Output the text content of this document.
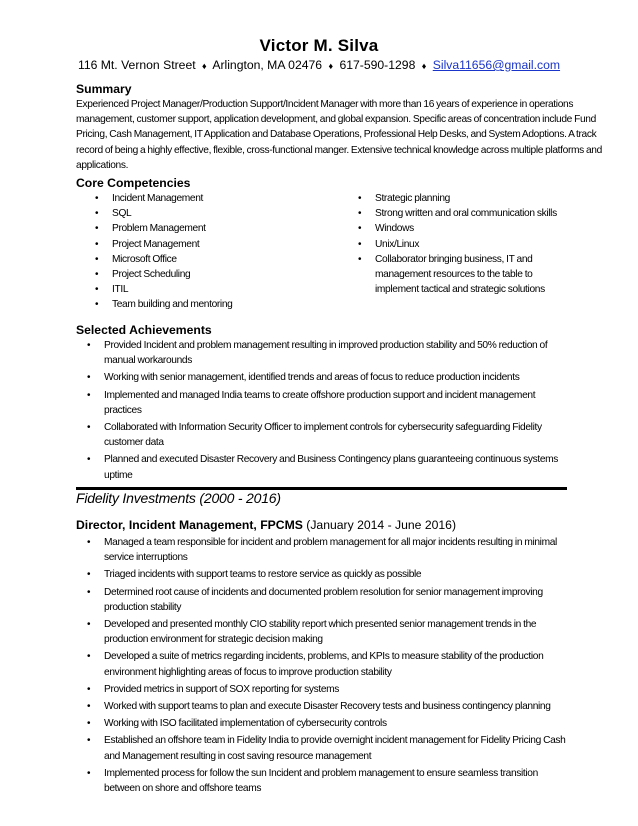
Victor M. Silva
116 Mt. Vernon Street ♦ Arlington, MA 02476 ♦ 617-590-1298 ♦ Silva11656@gmail.com
Summary
Experienced Project Manager/Production Support/Incident Manager with more than 16 years of experience in operations management, customer support, application development, and global expansion. Specific areas of concentration include Fund Pricing, Cash Management, IT Application and Database Operations, Professional Help Desks, and System Adoptions. A track record of being a highly effective, flexible, cross-functional manger. Extensive technical knowledge across multiple platforms and applications.
Core Competencies
• Incident Management
• SQL
• Problem Management
• Project Management
• Microsoft Office
• Project Scheduling
• ITIL
• Team building and mentoring
• Strategic planning
• Strong written and oral communication skills
• Windows
• Unix/Linux
• Collaborator bringing business, IT and management resources to the table to implement tactical and strategic solutions
Selected Achievements
• Provided Incident and problem management resulting in improved production stability and 50% reduction of manual workarounds
• Working with senior management, identified trends and areas of focus to reduce production incidents
• Implemented and managed India teams to create offshore production support and incident management practices
• Collaborated with Information Security Officer to implement controls for cybersecurity safeguarding Fidelity customer data
• Planned and executed Disaster Recovery and Business Contingency plans guaranteeing continuous systems uptime
Fidelity Investments (2000 - 2016)
Director, Incident Management, FPCMS (January 2014 - June 2016)
• Managed a team responsible for incident and problem management for all major incidents resulting in minimal service interruptions
• Triaged incidents with support teams to restore service as quickly as possible
• Determined root cause of incidents and documented problem resolution for senior management improving production stability
• Developed and presented monthly CIO stability report which presented senior management trends in the production environment for strategic decision making
• Developed a suite of metrics regarding incidents, problems, and KPIs to measure stability of the production environment highlighting areas of focus to improve production stability
• Provided metrics in support of SOX reporting for systems
• Worked with support teams to plan and execute Disaster Recovery tests and business contingency planning
• Working with ISO facilitated implementation of cybersecurity controls
• Established an offshore team in Fidelity India to provide overnight incident management for Fidelity Pricing Cash and Management resulting in cost saving resource management
• Implemented process for follow the sun Incident and problem management to ensure seamless transition between on shore and offshore teams
